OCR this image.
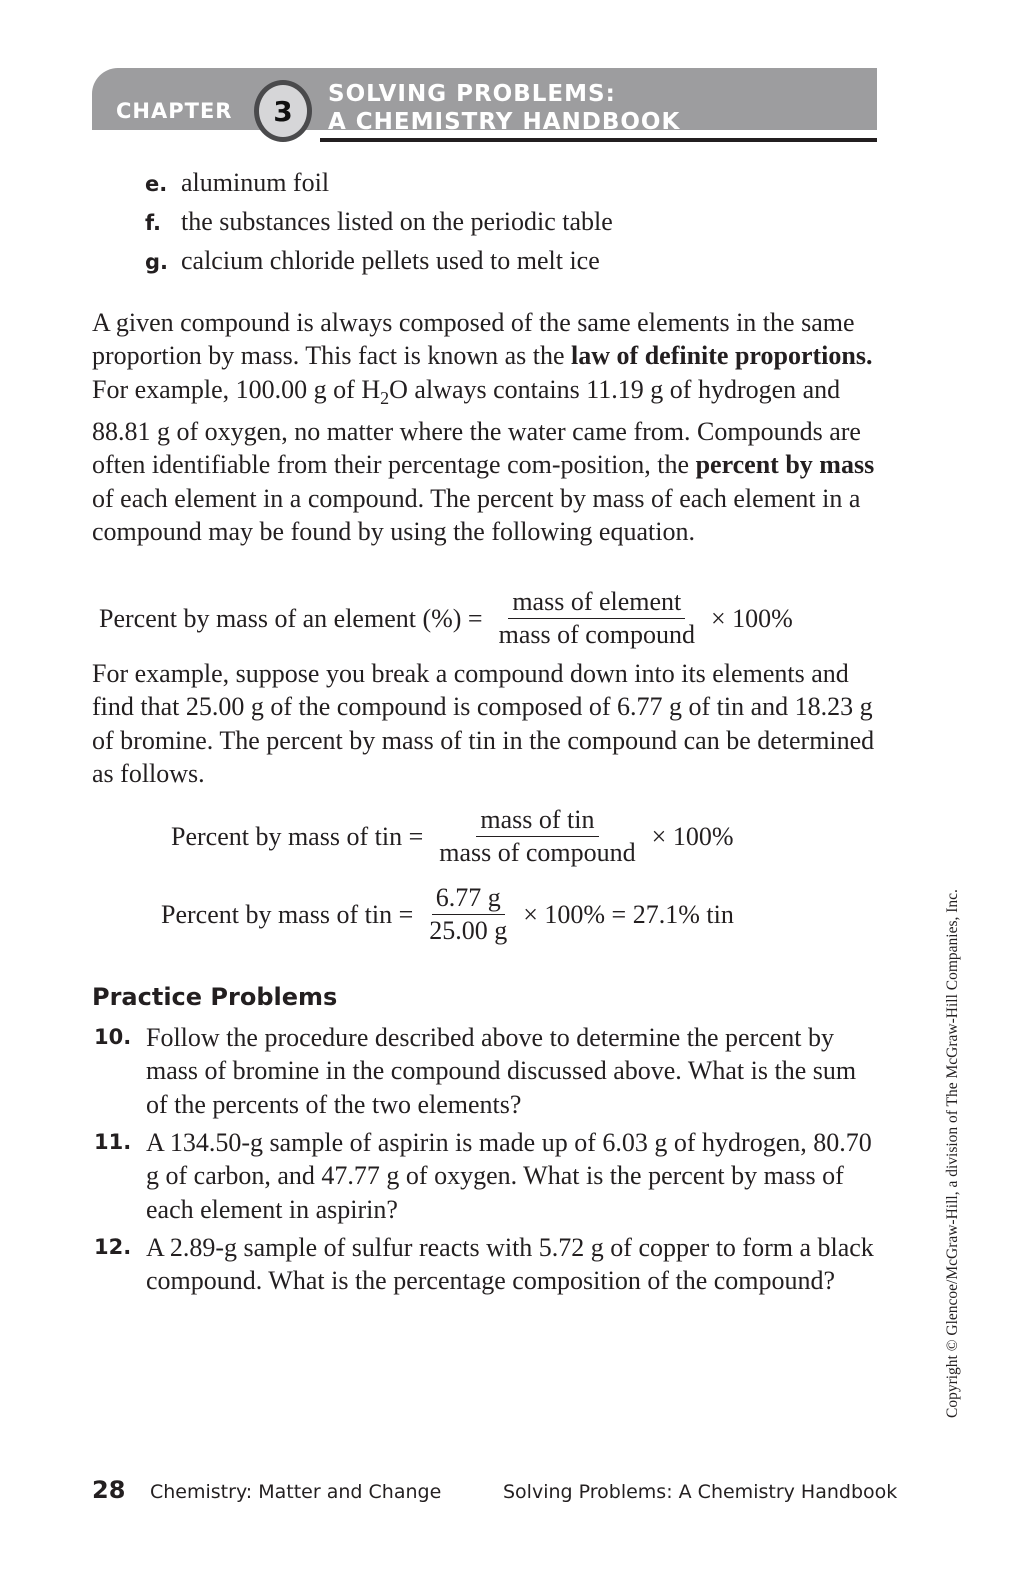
CHAPTER	3
SOLVING PROBLEMS:
A CHEMISTRY HANDBOOK
e. aluminum foil
f. the substances listed on the periodic table
g. calcium chloride pellets used to melt ice
A given compound is always composed of the same elements in the same proportion by mass. This fact is known as the law of definite proportions. For example, 100.00 g of $H_2O$ always contains 11.19 g of hydrogen and 88.81 g of oxygen, no matter where the water came from. Compounds are often identifiable from their percentage com-position, the percent by mass of each element in a compound. The percent by mass of each element in a compound may be found by using the following equation.
Percent by mass of an element (%) = $\frac{\text{mass of element}}{\text{mass of compound}} \times 100\%$
For example, suppose you break a compound down into its elements and find that 25.00 g of the compound is composed of 6.77 g of tin and 18.23 g of bromine. The percent by mass of tin in the compound can be determined as follows.
Percent by mass of tin = $\frac{\text{mass of tin}}{\text{mass of compound}} \times 100\%$
Percent by mass of tin = $\frac{6.77 g}{25.00 g} \times 100\% = 27.1\%$ tin
Practice Problems
10. Follow the procedure described above to determine the percent by mass of bromine in the compound discussed above. What is the sum of the percents of the two elements?
11. A 134.50-g sample of aspirin is made up of 6.03 g of hydrogen, 80.70 g of carbon, and 47.77 g of oxygen. What is the percent by mass of each element in aspirin?
12. A 2.89-g sample of sulfur reacts with 5.72 g of copper to form a black compound. What is the percentage composition of the compound?	Copyright © Glencoe/McGraw-Hill, a division of The McGraw-Hill Companies, Inc.
28 Chemistry: Matter and Change	Solving Problems: A Chemistry Handbook
